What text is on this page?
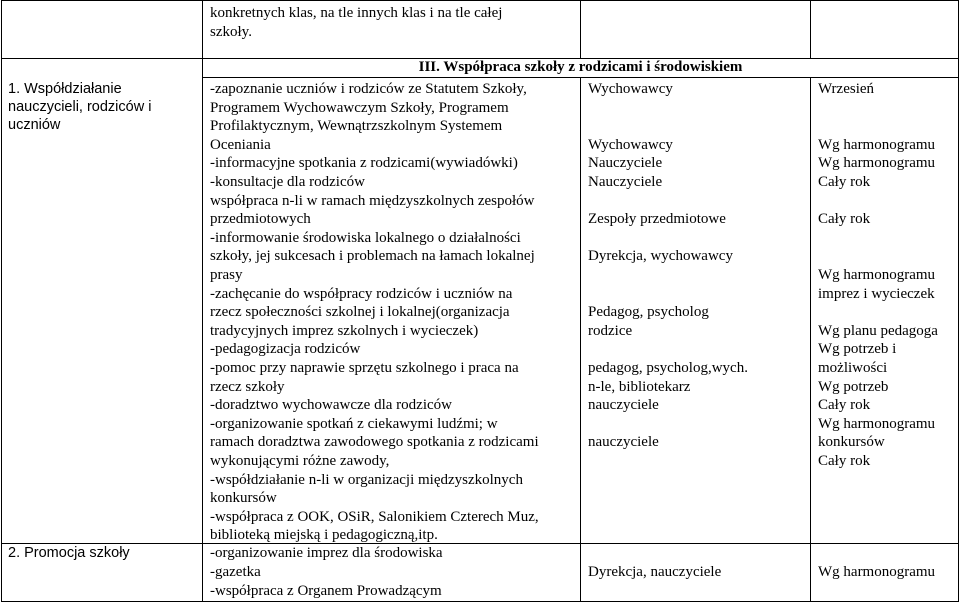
konkretnych klas, na tle innych klas i na tle całej
szkoły.
III. Współpraca szkoły z rodzicami i środowiskiem
1. Współdziałanie
nauczycieli, rodziców i
uczniów
-zapoznanie uczniów i rodziców ze Statutem Szkoły,
Programem Wychowawczym Szkoły, Programem
Profilaktycznym, Wewnątrzszkolnym Systemem
Oceniania
-informacyjne spotkania z rodzicami(wywiadówki)
-konsultacje dla rodziców
współpraca n-li w ramach międzyszkolnych zespołów
przedmiotowych
-informowanie środowiska lokalnego o działalności
szkoły, jej sukcesach i problemach na łamach lokalnej
prasy
-zachęcanie do współpracy rodziców i uczniów na
rzecz społeczności szkolnej i lokalnej(organizacja
tradycyjnych imprez szkolnych i wycieczek)
-pedagogizacja rodziców
-pomoc przy naprawie sprzętu szkolnego i praca na
rzecz szkoły
-doradztwo wychowawcze dla rodziców
-organizowanie spotkań z ciekawymi ludźmi; w
ramach doradztwa zawodowego spotkania z rodzicami
wykonującymi różne zawody,
-współdziałanie n-li w organizacji międzyszkolnych
konkursów
-współpraca z OOK, OSiR, Salonikiem Czterech Muz,
biblioteką miejską i pedagogiczną,itp.
Wychowawcy
Wychowawcy
Nauczyciele
Nauczyciele
Zespoły przedmiotowe
Dyrekcja, wychowawcy
Pedagog, psycholog
rodzice
pedagog, psycholog,wych.
n-le, bibliotekarz
nauczyciele
nauczyciele
Wrzesień
Wg harmonogramu
Wg harmonogramu
Cały rok
Cały rok
Wg harmonogramu
imprez i wycieczek
Wg planu pedagoga
Wg potrzeb i
możliwości
Wg potrzeb
Cały rok
Wg harmonogramu
konkursów
Cały rok
2. Promocja szkoły	-organizowanie imprez dla środowiska
-gazetka
-współpraca z Organem Prowadzącym
Dyrekcja, nauczyciele	Wg harmonogramu
